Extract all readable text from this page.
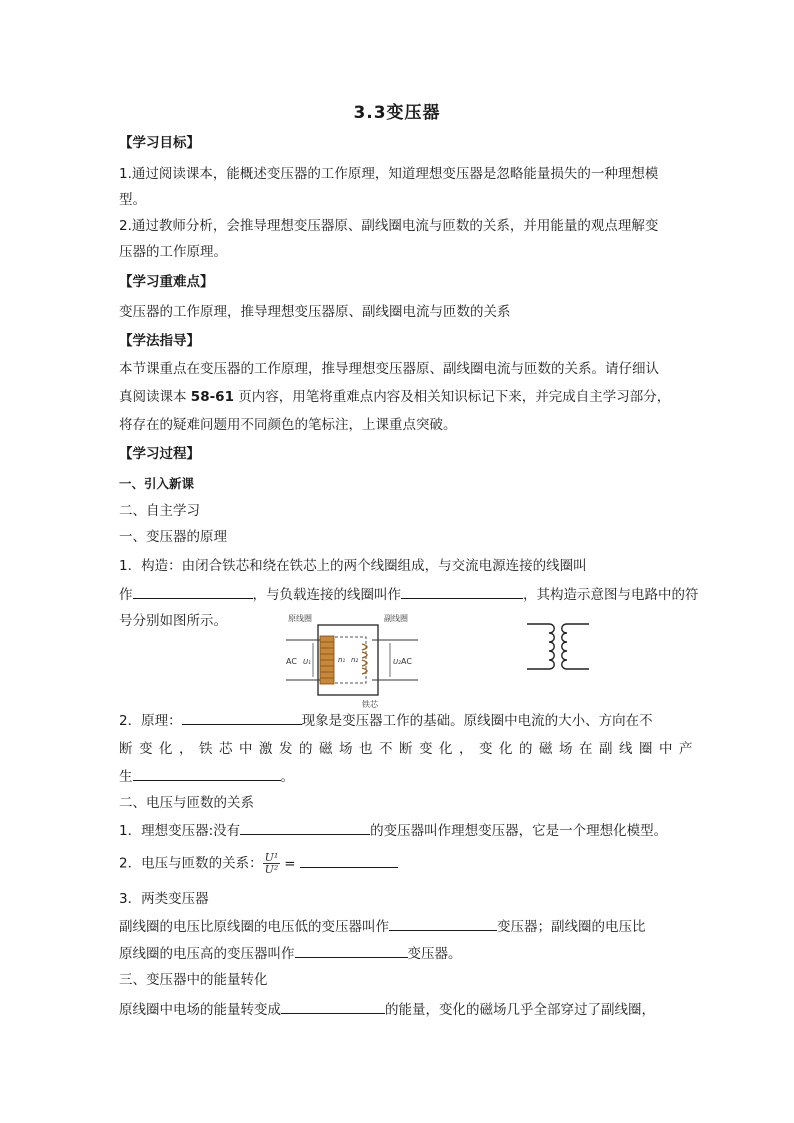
3.3变压器
【学习目标】
1.通过阅读课本，能概述变压器的工作原理，知道理想变压器是忽略能量损失的一种理想模
型。
2.通过教师分析，会推导理想变压器原、副线圈电流与匝数的关系，并用能量的观点理解变
压器的工作原理。
【学习重难点】
变压器的工作原理，推导理想变压器原、副线圈电流与匝数的关系
【学法指导】
本节课重点在变压器的工作原理，推导理想变压器原、副线圈电流与匝数的关系。请仔细认
真阅读课本 58-61 页内容，用笔将重难点内容及相关知识标记下来，并完成自主学习部分，
将存在的疑难问题用不同颜色的笔标注，上课重点突破。
【学习过程】
一、引入新课
二、自主学习
一、变压器的原理
1．构造：由闭合铁芯和绕在铁芯上的两个线圈组成，与交流电源连接的线圈叫
作	，与负载连接的线圈叫作	，其构造示意图与电路中的符
号分别如图所示。	原线圈	副线圈
铁芯
AC	AC
U₁	U₂
n₁ n₂
2．原理：	现象是变压器工作的基础。原线圈中电流的大小、方向在不
断变化，铁芯中激发的磁场也不断变化，变化的磁场在副线圈中产
生	。
二、电压与匝数的关系
1．理想变压器:没有	的变压器叫作理想变压器，它是一个理想化模型。
2．电压与匝数的关系： $\frac{\text{U¹}}{\text{U²}}$ =
3．两类变压器
副线圈的电压比原线圈的电压低的变压器叫作	变压器；副线圈的电压比
原线圈的电压高的变压器叫作	变压器。
三、变压器中的能量转化
原线圈中电场的能量转变成	的能量，变化的磁场几乎全部穿过了副线圈，
